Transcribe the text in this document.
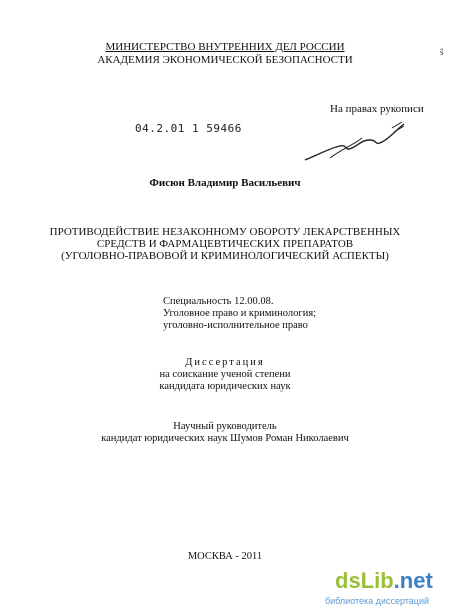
ŝ
МИНИСТЕРСТВО ВНУТРЕННИХ ДЕЛ РОССИИ
АКАДЕМИЯ ЭКОНОМИЧЕСКОЙ БЕЗОПАСНОСТИ
На правах рукописи
04.2.01 1 59466
Фисюн Владимир Васильевич
ПРОТИВОДЕЙСТВИЕ НЕЗАКОННОМУ ОБОРОТУ ЛЕКАРСТВЕННЫХ
СРЕДСТВ И ФАРМАЦЕВТИЧЕСКИХ ПРЕПАРАТОВ
(УГОЛОВНО-ПРАВОВОЙ И КРИМИНОЛОГИЧЕСКИЙ АСПЕКТЫ)
Специальность 12.00.08.
Уголовное право и криминология;
уголовно-исполнительное право
Диссертация
на соискание ученой степени
кандидата юридических наук
Научный руководитель
кандидат юридических наук Шумов Роман Николаевич
МОСКВА - 2011
dsLib.net
библиотека диссертаций
